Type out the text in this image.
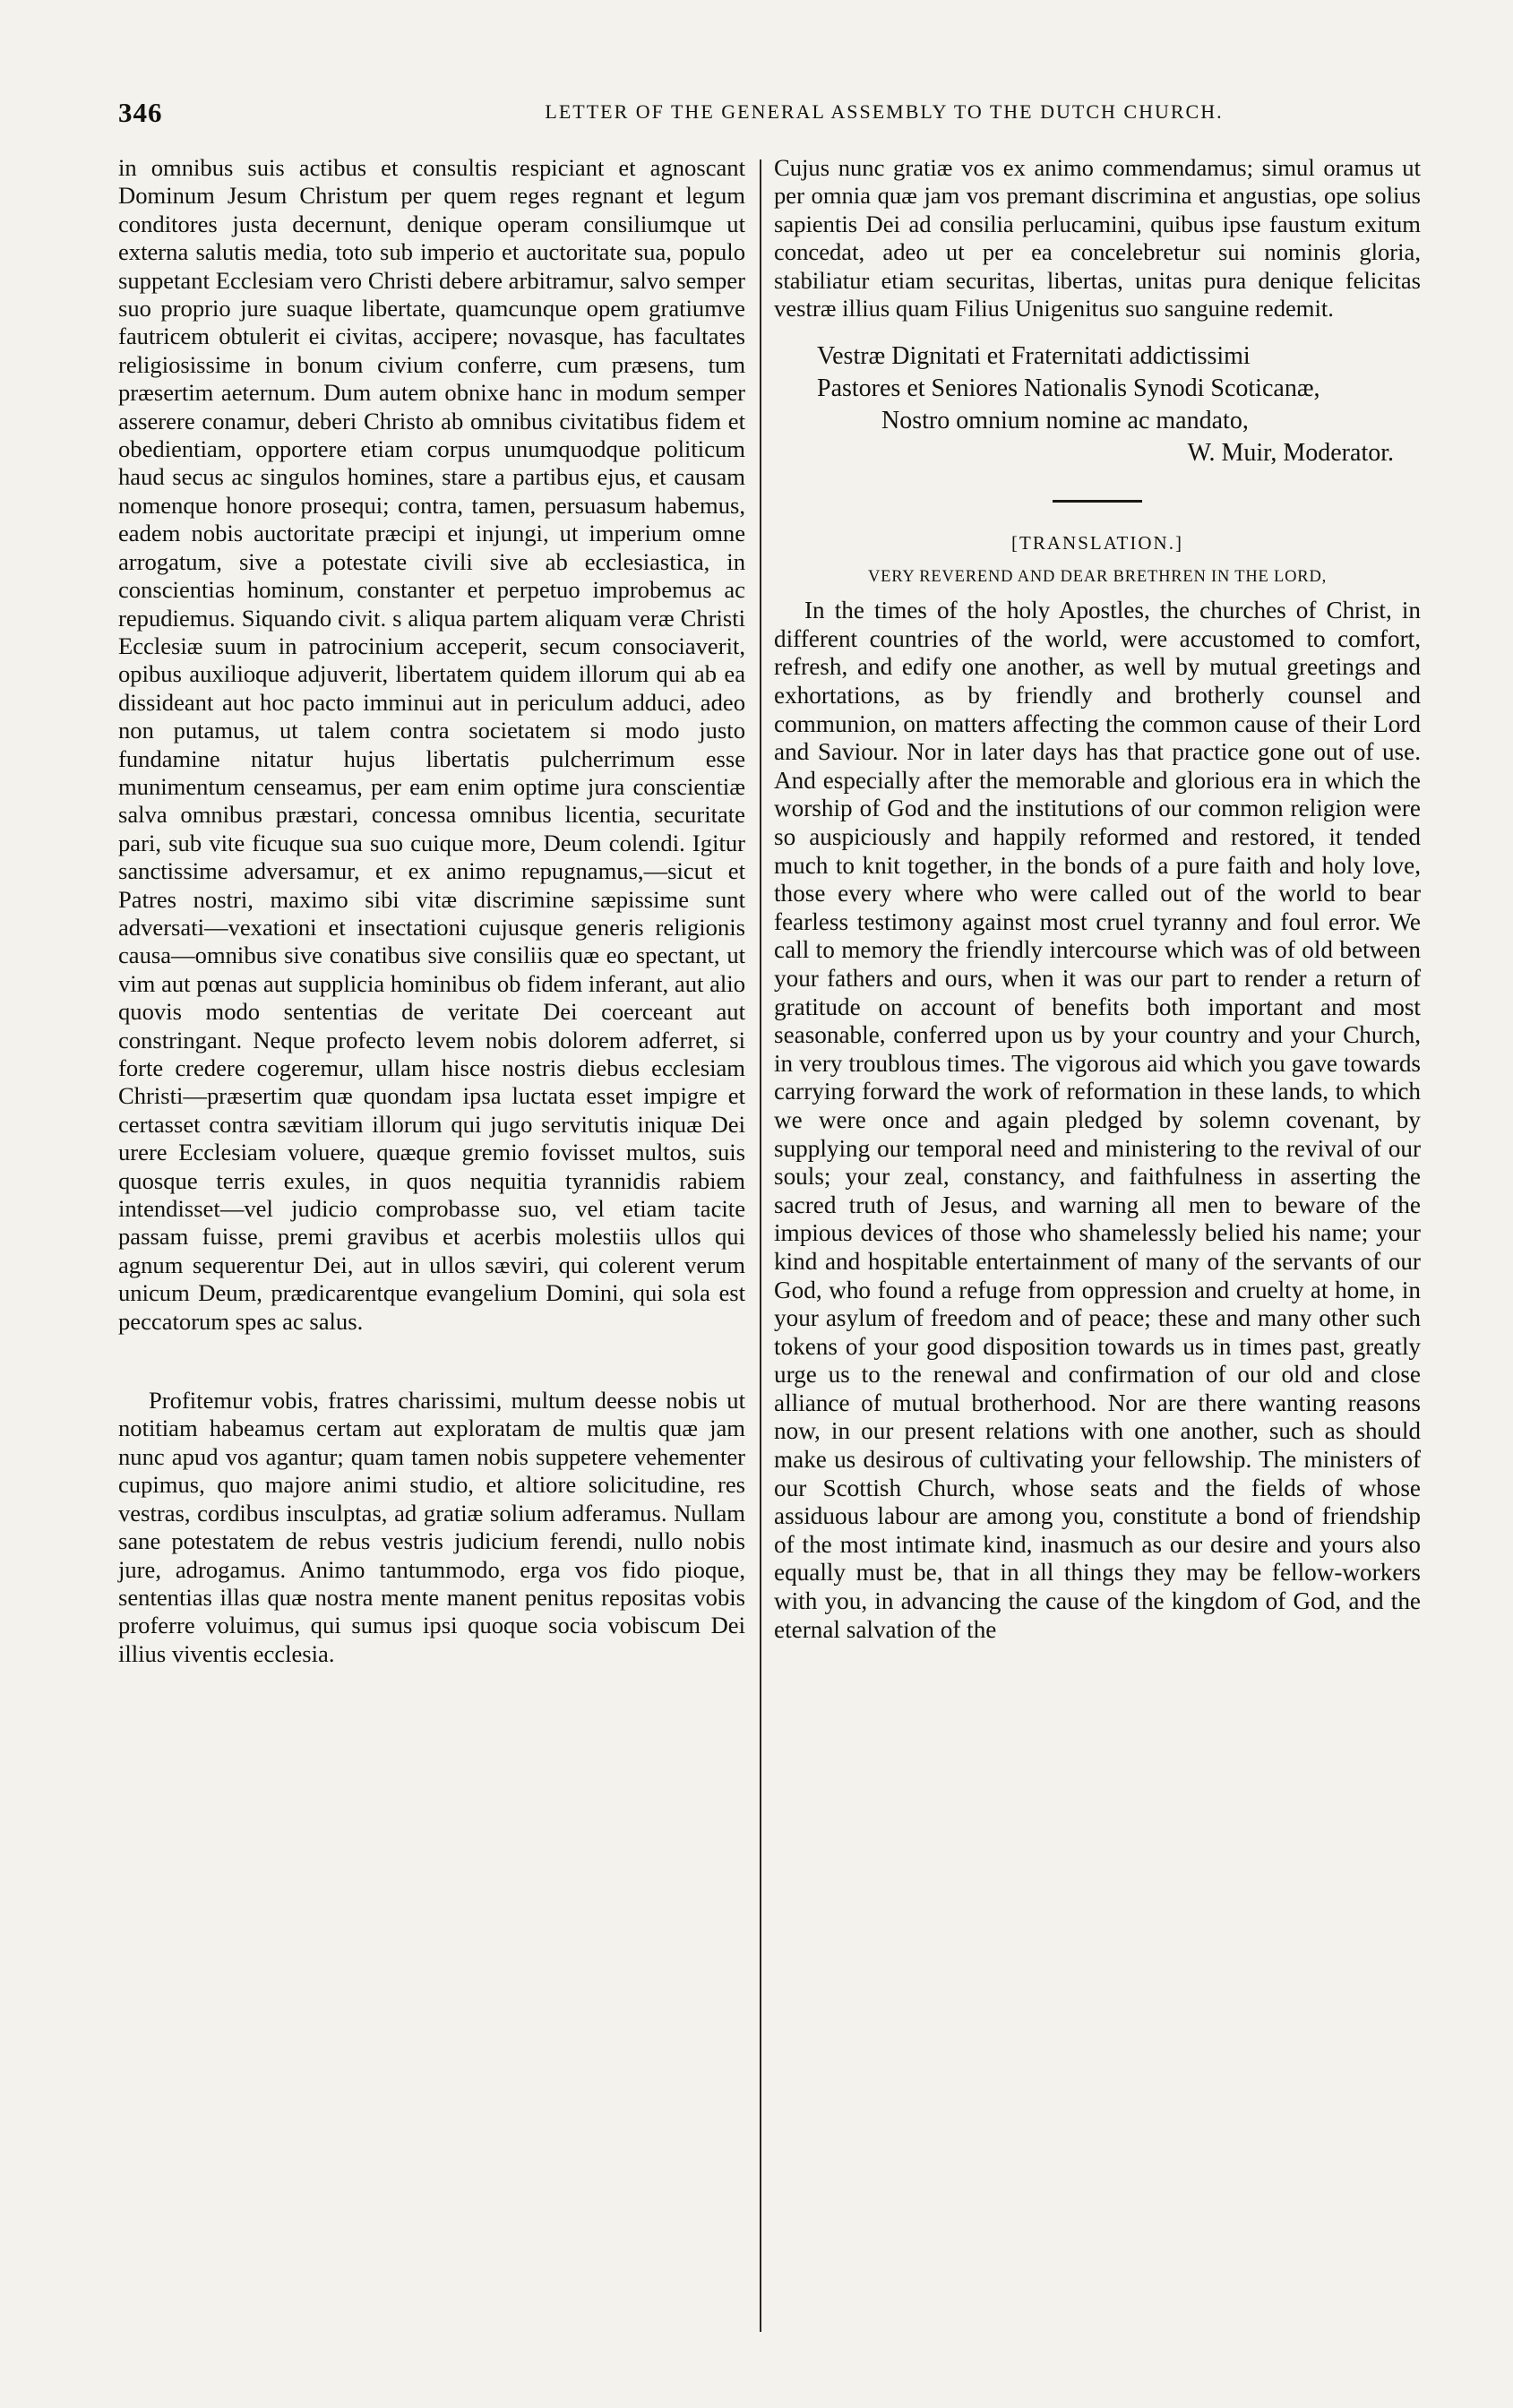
346	LETTER OF THE GENERAL ASSEMBLY TO THE DUTCH CHURCH.

in omnibus suis actibus et consultis respiciant et agnoscant Dominum Jesum Christum per quem reges regnant et legum conditores justa decernunt, denique operam consiliumque ut externa salutis media, toto sub imperio et auctoritate sua, populo suppetant Ecclesiam vero Christi debere arbitramur, salvo semper suo proprio jure suaque libertate, quamcunque opem gratiumve fautricem obtulerit ei civitas, accipere; novasque, has facultates religiosissime in bonum civium conferre, cum præsens, tum præsertim aeternum. Dum autem obnixe hanc in modum semper asserere conamur, deberi Christo ab omnibus civitatibus fidem et obedientiam, opportere etiam corpus unumquodque politicum haud secus ac singulos homines, stare a partibus ejus, et causam nomenque honore prosequi; contra, tamen, persuasum habemus, eadem nobis auctoritate præcipi et injungi, ut imperium omne arrogatum, sive a potestate civili sive ab ecclesiastica, in conscientias hominum, constanter et perpetuo improbemus ac repudiemus. Siquando civit. s aliqua partem aliquam veræ Christi Ecclesiæ suum in patrocinium acceperit, secum consociaverit, opibus auxilioque adjuverit, libertatem quidem illorum qui ab ea dissideant aut hoc pacto imminui aut in periculum adduci, adeo non putamus, ut talem contra societatem si modo justo fundamine nitatur hujus libertatis pulcherrimum esse munimentum censeamus, per eam enim optime jura conscientiæ salva omnibus præstari, concessa omnibus licentia, securitate pari, sub vite ficuque sua suo cuique more, Deum colendi. Igitur sanctissime adversamur, et ex animo repugnamus,—sicut et Patres nostri, maximo sibi vitæ discrimine sæpissime sunt adversati—vexationi et insectationi cujusque generis religionis causa—omnibus sive conatibus sive consiliis quæ eo spectant, ut vim aut pœnas aut supplicia hominibus ob fidem inferant, aut alio quovis modo sententias de veritate Dei coerceant aut constringant. Neque profecto levem nobis dolorem adferret, si forte credere cogeremur, ullam hisce nostris diebus ecclesiam Christi—præsertim quæ quondam ipsa luctata esset impigre et certasset contra sævitiam illorum qui jugo servitutis iniquæ Dei urere Ecclesiam voluere, quæque gremio fovisset multos, suis quosque terris exules, in quos nequitia tyrannidis rabiem intendisset—vel judicio comprobasse suo, vel etiam tacite passam fuisse, premi gravibus et acerbis molestiis ullos qui agnum sequerentur Dei, aut in ullos sæviri, qui colerent verum unicum Deum, prædicarentque evangelium Domini, qui sola est peccatorum spes ac salus.

Profitemur vobis, fratres charissimi, multum deesse nobis ut notitiam habeamus certam aut exploratam de multis quæ jam nunc apud vos agantur; quam tamen nobis suppetere vehementer cupimus, quo majore animi studio, et altiore solicitudine, res vestras, cordibus insculptas, ad gratiæ solium adferamus. Nullam sane potestatem de rebus vestris judicium ferendi, nullo nobis jure, adrogamus. Animo tantummodo, erga vos fido pioque, sententias illas quæ nostra mente manent penitus repositas vobis proferre voluimus, qui sumus ipsi quoque socia vobiscum Dei illius viventis ecclesia.

Cujus nunc gratiæ vos ex animo commendamus; simul oramus ut per omnia quæ jam vos premant discrimina et angustias, ope solius sapientis Dei ad consilia perlucamini, quibus ipse faustum exitum concedat, adeo ut per ea concelebretur sui nominis gloria, stabiliatur etiam securitas, libertas, unitas pura denique felicitas vestræ illius quam Filius Unigenitus suo sanguine redemit.

Vestræ Dignitati et Fraternitati addictissimi
Pastores et Seniores Nationalis Synodi Scoticanæ,
Nostro omnium nomine ac mandato,
W. Muir, Moderator.
[TRANSLATION.]
VERY REVEREND AND DEAR BRETHREN IN THE LORD,

In the times of the holy Apostles, the churches of Christ, in different countries of the world, were accustomed to comfort, refresh, and edify one another, as well by mutual greetings and exhortations, as by friendly and brotherly counsel and communion, on matters affecting the common cause of their Lord and Saviour. Nor in later days has that practice gone out of use. And especially after the memorable and glorious era in which the worship of God and the institutions of our common religion were so auspiciously and happily reformed and restored, it tended much to knit together, in the bonds of a pure faith and holy love, those every where who were called out of the world to bear fearless testimony against most cruel tyranny and foul error. We call to memory the friendly intercourse which was of old between your fathers and ours, when it was our part to render a return of gratitude on account of benefits both important and most seasonable, conferred upon us by your country and your Church, in very troublous times. The vigorous aid which you gave towards carrying forward the work of reformation in these lands, to which we were once and again pledged by solemn covenant, by supplying our temporal need and ministering to the revival of our souls; your zeal, constancy, and faithfulness in asserting the sacred truth of Jesus, and warning all men to beware of the impious devices of those who shamelessly belied his name; your kind and hospitable entertainment of many of the servants of our God, who found a refuge from oppression and cruelty at home, in your asylum of freedom and of peace; these and many other such tokens of your good disposition towards us in times past, greatly urge us to the renewal and confirmation of our old and close alliance of mutual brotherhood. Nor are there wanting reasons now, in our present relations with one another, such as should make us desirous of cultivating your fellowship. The ministers of our Scottish Church, whose seats and the fields of whose assiduous labour are among you, constitute a bond of friendship of the most intimate kind, inasmuch as our desire and yours also equally must be, that in all things they may be fellow-workers with you, in advancing the cause of the kingdom of God, and the eternal salvation of the
